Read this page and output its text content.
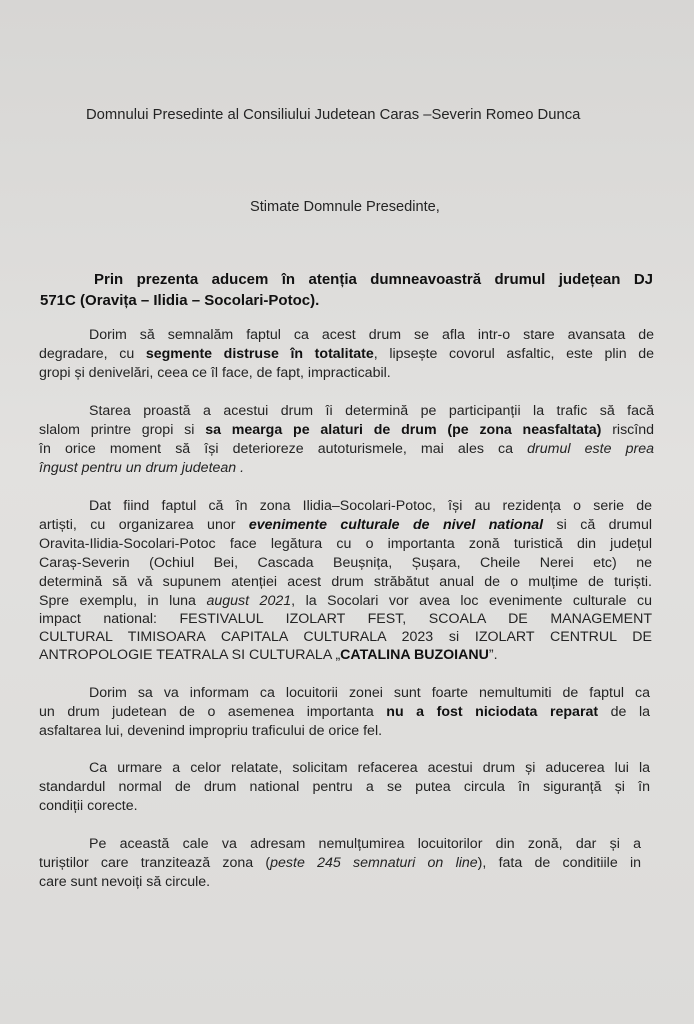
Domnului Presedinte al Consiliului Judetean Caras –Severin Romeo Dunca
Stimate Domnule Presedinte,
Prin prezenta aducem în atenția dumneavoastră drumul județean DJ
571C (Oravița – Ilidia – Socolari-Potoc).
Dorim să semnalăm faptul ca acest drum se afla intr-o stare avansata de
degradare, cu segmente distruse în totalitate, lipsește covorul asfaltic, este plin de
gropi și denivelări, ceea ce îl face, de fapt, impracticabil.
Starea proastă a acestui drum îi determină pe participanții la trafic să facă
slalom printre gropi si sa mearga pe alaturi de drum (pe zona neasfaltata) riscînd
în orice moment să își deterioreze autoturismele, mai ales ca drumul este prea
îngust pentru un drum judetean .
Dat fiind faptul că în zona Ilidia–Socolari-Potoc, își au rezidența o serie de
artiști, cu organizarea unor evenimente culturale de nivel national si că drumul
Oravita-Ilidia-Socolari-Potoc face legătura cu o importanta zonă turistică din județul
Caraș-Severin (Ochiul Bei, Cascada Beușnița, Șușara, Cheile Nerei etc) ne
determină să vă supunem atenției acest drum străbătut anual de o mulțime de turiști.
Spre exemplu, in luna august 2021, la Socolari vor avea loc evenimente culturale cu
impact national: FESTIVALUL IZOLART FEST, SCOALA DE MANAGEMENT
CULTURAL TIMISOARA CAPITALA CULTURALA 2023 si IZOLART CENTRUL DE
ANTROPOLOGIE TEATRALA SI CULTURALA „CATALINA BUZOIANU”.
Dorim sa va informam ca locuitorii zonei sunt foarte nemultumiti de faptul ca
un drum judetean de o asemenea importanta nu a fost niciodata reparat de la
asfaltarea lui, devenind impropriu traficului de orice fel.
Ca urmare a celor relatate, solicitam refacerea acestui drum și aducerea lui la
standardul normal de drum national pentru a se putea circula în siguranță și în
condiții corecte.
Pe această cale va adresam nemulțumirea locuitorilor din zonă, dar și a
turiștilor care tranzitează zona (peste 245 semnaturi on line), fata de conditiile in
care sunt nevoiți să circule.
